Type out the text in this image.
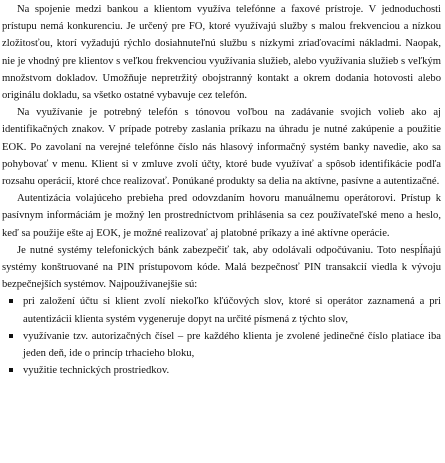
Na spojenie medzi bankou a klientom využíva telefónne a faxové prístroje. V jednoduchosti prístupu nemá konkurenciu. Je určený pre FO, ktoré využívajú služby s malou frekvenciou a nízkou zložitosťou, ktorí vyžadujú rýchlo dosiahnuteľnú službu s nízkymi zriaďovacími nákladmi. Naopak, nie je vhodný pre klientov s veľkou frekvenciou využívania služieb, alebo využívania služieb s veľkým množstvom dokladov. Umožňuje nepretržitý obojstranný kontakt a okrem dodania hotovosti alebo originálu dokladu, sa všetko ostatné vybavuje cez telefón.

Na využívanie je potrebný telefón s tónovou voľbou na zadávanie svojich volieb ako aj identifikačných znakov. V prípade potreby zaslania príkazu na úhradu je nutné zakúpenie a použitie EOK. Po zavolaní na verejné telefónne číslo nás hlasový informačný systém banky navedie, ako sa pohybovať v menu. Klient si v zmluve zvolí účty, ktoré bude využívať a spôsob identifikácie podľa rozsahu operácií, ktoré chce realizovať. Ponúkané produkty sa delia na aktívne, pasívne a autentizačné.

Autentizácia volajúceho prebieha pred odovzdaním hovoru manuálnemu operátorovi. Prístup k pasívnym informáciám je možný len prostredníctvom prihlásenia sa cez používateľské meno a heslo, keď sa použije ešte aj EOK, je možné realizovať aj platobné príkazy a iné aktívne operácie.

Je nutné systémy telefonických bánk zabezpečiť tak, aby odolávali odpočúvaniu. Toto nespĺňajú systémy konštruované na PIN prístupovom kóde. Malá bezpečnosť PIN transakcií viedla k vývoju bezpečnejších systémov. Najpoužívanejšie sú:

pri založení účtu si klient zvolí niekoľko kľúčových slov, ktoré si operátor zaznamená a pri autentizácii klienta systém vygeneruje dopyt na určité písmená z týchto slov,
využívanie tzv. autorizačných čísel – pre každého klienta je zvolené jedinečné číslo platiace iba jeden deň, ide o princíp trhacieho bloku,
využitie technických prostriedkov.
